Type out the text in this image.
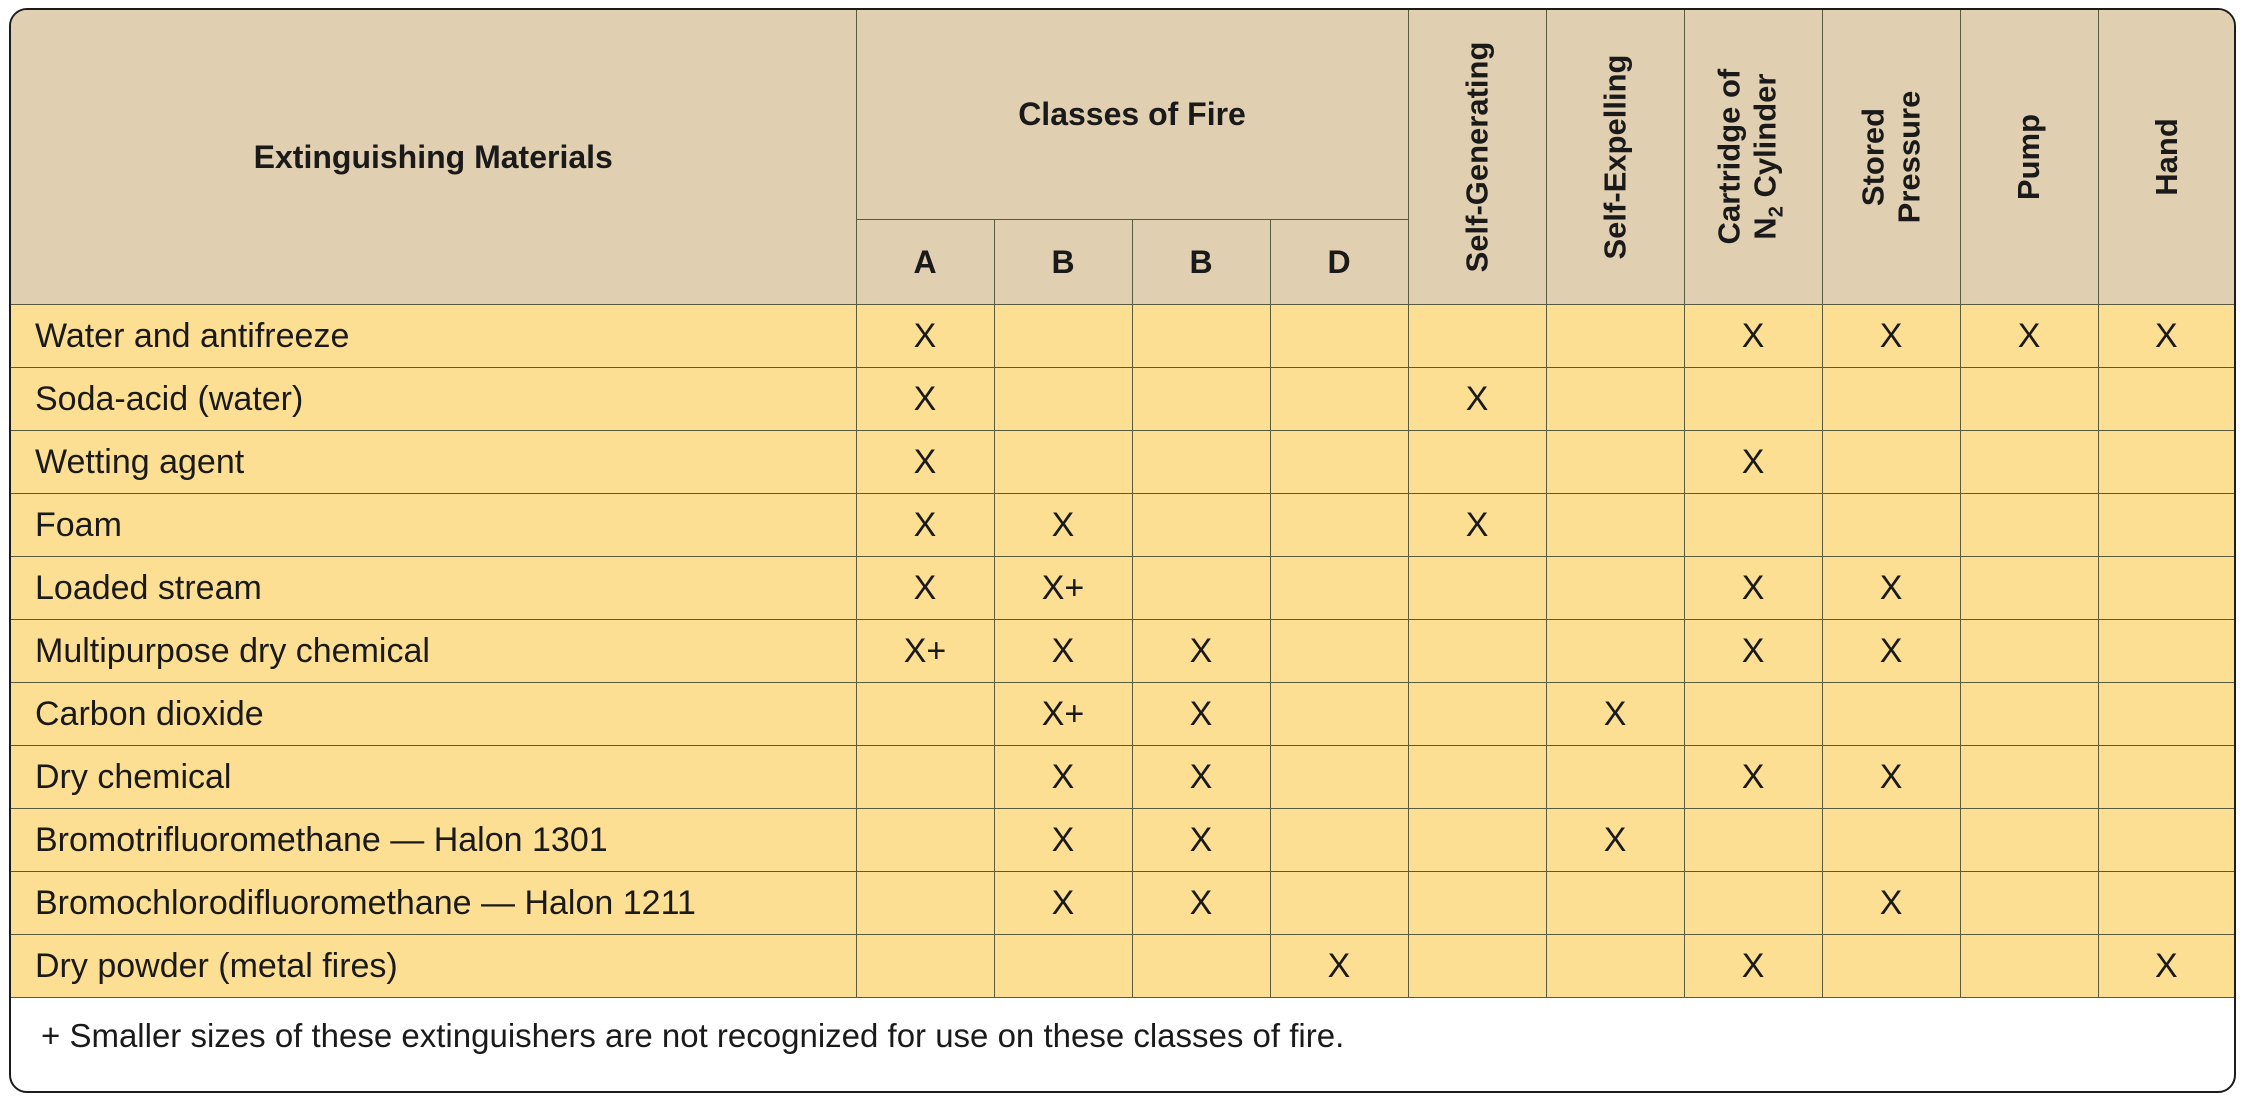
Extinguishing Materials	Classes of Fire				Self-Generating	Self-Expelling	Cartridge of $N_2$ Cylinder	Stored Pressure	Pump	Hand

	A	B	B	D						
Water and antifreeze	X						X	X	X	X
Soda-acid (water)	X				X					
Wetting agent	X						X			
Foam	X	X			X					
Loaded stream	X	X+					X	X		
Multipurpose dry chemical	X+	X	X				X	X		
Carbon dioxide		X+	X			X				
Dry chemical		X	X				X	X		
Bromotrifluoromethane — Halon 1301		X	X			X				
Bromochlorodifluoromethane — Halon 1211		X	X					X		
Dry powder (metal fires)				X			X			X
+ Smaller sizes of these extinguishers are not recognized for use on these classes of fire.										
